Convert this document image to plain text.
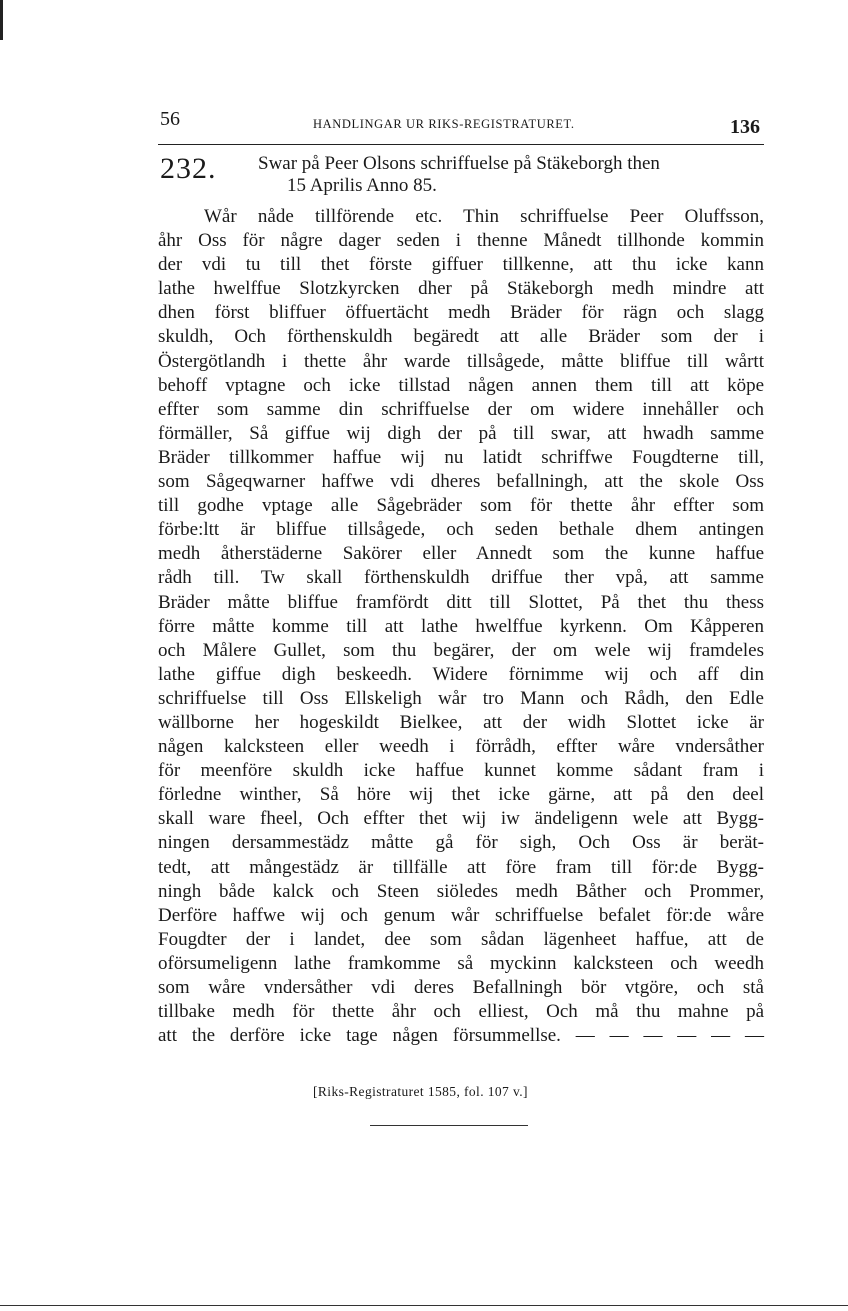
56	HANDLINGAR UR RIKS-REGISTRATURET.	136
232. Swar på Peer Olsons schriffuelse på Stäkeborgh then
15 Aprilis Anno 85.
Wår nåde tillförende etc. Thin schriffuelse Peer Oluffsson,
åhr Oss för någre dager seden i thenne Månedt tillhonde kommin
der vdi tu till thet förste giffuer tillkenne, att thu icke kann
lathe hwelffue Slotzkyrcken dher på Stäkeborgh medh mindre att
dhen först bliffuer öffuertächt medh Bräder för rägn och slagg
skuldh, Och förthenskuldh begäredt att alle Bräder som der i
Östergötlandh i thette åhr warde tillsågede, måtte bliffue till wårtt
behoff vptagne och icke tillstad någen annen them till att köpe
effter som samme din schriffuelse der om widere innehåller och
förmäller, Så giffue wij digh der på till swar, att hwadh samme
Bräder tillkommer haffue wij nu latidt schriffwe Fougdterne till,
som Sågeqwarner haffwe vdi dheres befallningh, att the skole Oss
till godhe vptage alle Sågebräder som för thette åhr effter som
förbe:ltt är bliffue tillsågede, och seden bethale dhem antingen
medh åtherstäderne Sakörer eller Annedt som the kunne haffue
rådh till. Tw skall förthenskuldh driffue ther vpå, att samme
Bräder måtte bliffue framfördt ditt till Slottet, På thet thu thess
förre måtte komme till att lathe hwelffue kyrkenn. Om Kåpperen
och Målere Gullet, som thu begärer, der om wele wij framdeles
lathe giffue digh beskeedh. Widere förnimme wij och aff din
schriffuelse till Oss Ellskeligh wår tro Mann och Rådh, den Edle
wällborne her hogeskildt Bielkee, att der widh Slottet icke är
någen kalcksteen eller weedh i förrådh, effter wåre vndersåther
för meenföre skuldh icke haffue kunnet komme sådant fram i
förledne winther, Så höre wij thet icke gärne, att på den deel
skall ware fheel, Och effter thet wij iw ändeligenn wele att Bygg-
ningen dersammestädz måtte gå för sigh, Och Oss är berät-
tedt, att mångestädz är tillfälle att före fram till för:de Bygg-
ningh både kalck och Steen siöledes medh Båther och Prommer,
Derföre haffwe wij och genum wår schriffuelse befalet för:de wåre
Fougdter der i landet, dee som sådan lägenheet haffue, att de
oförsumeligenn lathe framkomme så myckinn kalcksteen och weedh
som wåre vndersåther vdi deres Befallningh bör vtgöre, och stå
tillbake medh för thette åhr och elliest, Och må thu mahne på
att the derföre icke tage någen försummellse. — — — — — —
[Riks-Registraturet 1585, fol. 107 v.]
